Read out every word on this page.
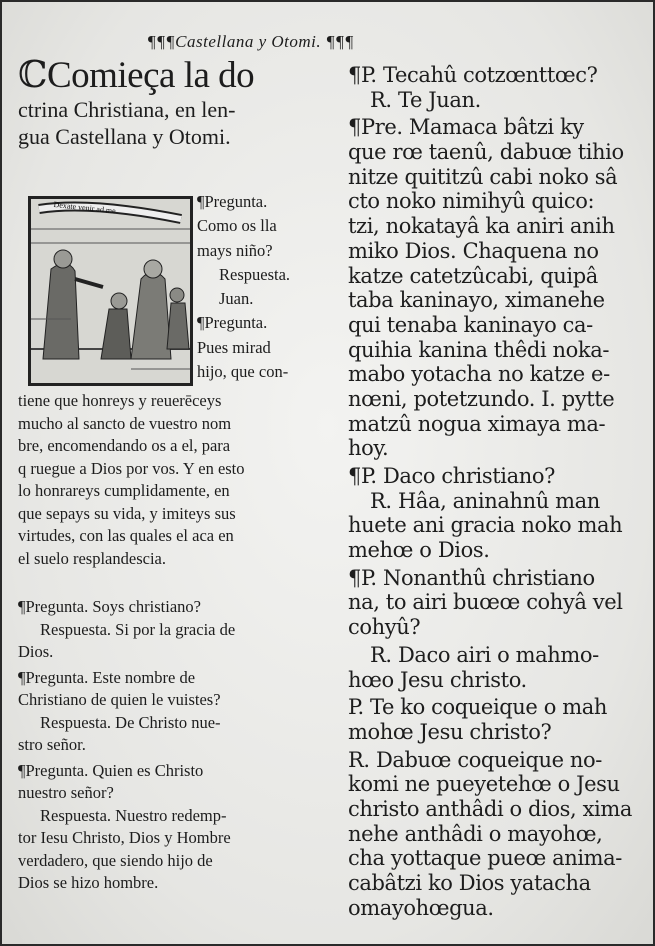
¶¶¶Castellana y Otomi. ¶¶¶
ℂComieça la do
ctrina Christiana, en len-
gua Castellana y Otomi.
Dexate venir ad me	¶Pregunta.
Como os lla
mays niño?
Respuesta.
Juan.
¶Pregunta.
Pues mirad
hijo, que con-
tiene que honreys y reuerēceys
mucho al sancto de vuestro nom
bre, encomendando os a el, para
q ruegue a Dios por vos. Y en esto
lo honrareys cumplidamente, en
que sepays su vida, y imiteys sus
virtudes, con las quales el aca en
el suelo resplandescia.
¶Pregunta. Soys christiano?
Respuesta. Si por la gracia de
Dios.
¶Pregunta. Este nombre de
Christiano de quien le vuistes?
Respuesta. De Christo nue-
stro señor.
¶Pregunta. Quien es Christo
nuestro señor?
Respuesta. Nuestro redemp-
tor Iesu Christo, Dios y Hombre
verdadero, que siendo hijo de
Dios se hizo hombre.
¶P. Tecahû cotzœnttœc?
R. Te Juan.
¶Pre. Mamaca bâtzi ky
que rœ taenû, dabuœ tihio
nitze quititzû cabi noko sâ
cto noko nimihyû quico:
tzi, nokatayâ ka aniri anih
miko Dios. Chaquena no
katze catetzûcabi, quipâ
taba kaninayo, ximanehe
qui tenaba kaninayo ca-
quihia kanina thêdi noka-
mabo yotacha no katze e-
nœni, potetzundo. I. pytte
matzû nogua ximaya ma-
hoy.
¶P. Daco christiano?
R. Hâa, aninahnû man
huete ani gracia noko mah
mehœ o Dios.
¶P. Nonanthû christiano
na, to airi buœœ cohyâ vel
cohyû?
R. Daco airi o mahmo-
hœo Jesu christo.
P. Te ko coqueique o mah
mohœ Jesu christo?
R. Dabuœ coqueique no-
komi ne pueyetehœ o Jesu
christo anthâdi o dios, xima
nehe anthâdi o mayohœ,
cha yottaque pueœ anima-
cabâtzi ko Dios yatacha
omayohœgua.
